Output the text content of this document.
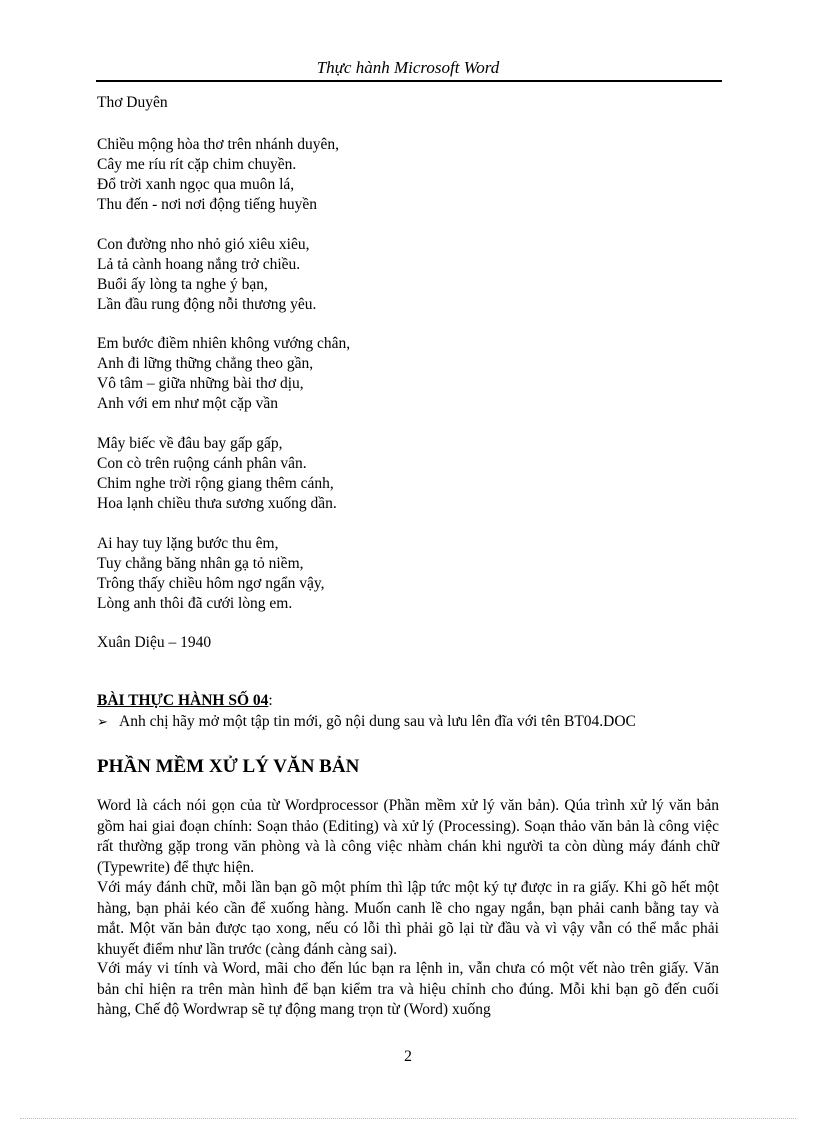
Thực hành Microsoft Word
Thơ Duyên
Chiều mộng hòa thơ trên nhánh duyên,
Cây me ríu rít cặp chim chuyền.
Đổ trời xanh ngọc qua muôn lá,
Thu đến - nơi nơi động tiếng huyền
Con đường nho nhỏ gió xiêu xiêu,
Lả tả cành hoang nắng trở chiều.
Buổi ấy lòng ta nghe ý bạn,
Lần đầu rung động nỗi thương yêu.
Em bước điềm nhiên không vướng chân,
Anh đi lững thững chẳng theo gần,
Vô tâm – giữa những bài thơ dịu,
Anh với em như một cặp vần
Mây biếc về đâu bay gấp gấp,
Con cò trên ruộng cánh phân vân.
Chim nghe trời rộng giang thêm cánh,
Hoa lạnh chiều thưa sương xuống dần.
Ai hay tuy lặng bước thu êm,
Tuy chẳng băng nhân gạ tỏ niềm,
Trông thấy chiều hôm ngơ ngẩn vậy,
Lòng anh thôi đã cưới lòng em.
Xuân Diệu – 1940
BÀI THỰC HÀNH SỐ 04:
➢ Anh chị hãy mở một tập tin mới, gõ nội dung sau và lưu lên đĩa với tên BT04.DOC
PHẦN MỀM XỬ LÝ VĂN BẢN
Word là cách nói gọn của từ Wordprocessor (Phần mềm xử lý văn bản). Qúa trình xử lý văn bản gồm hai giai đoạn chính: Soạn thảo (Editing) và xử lý (Processing). Soạn thảo văn bản là công việc rất thường gặp trong văn phòng và là công việc nhàm chán khi người ta còn dùng máy đánh chữ (Typewrite) để thực hiện.
Với máy đánh chữ, mỗi lần bạn gõ một phím thì lập tức một ký tự được in ra giấy. Khi gõ hết một hàng, bạn phải kéo cần để xuống hàng. Muốn canh lề cho ngay ngắn, bạn phải canh bằng tay và mắt. Một văn bản được tạo xong, nếu có lỗi thì phải gõ lại từ đầu và vì vậy vẫn có thể mắc phải khuyết điểm như lần trước (càng đánh càng sai).
Với máy vi tính và Word, mãi cho đến lúc bạn ra lệnh in, vẫn chưa có một vết nào trên giấy. Văn bản chỉ hiện ra trên màn hình để bạn kiểm tra và hiệu chỉnh cho đúng. Mỗi khi bạn gõ đến cuối hàng, Chế độ Wordwrap sẽ tự động mang trọn từ (Word) xuống
2
